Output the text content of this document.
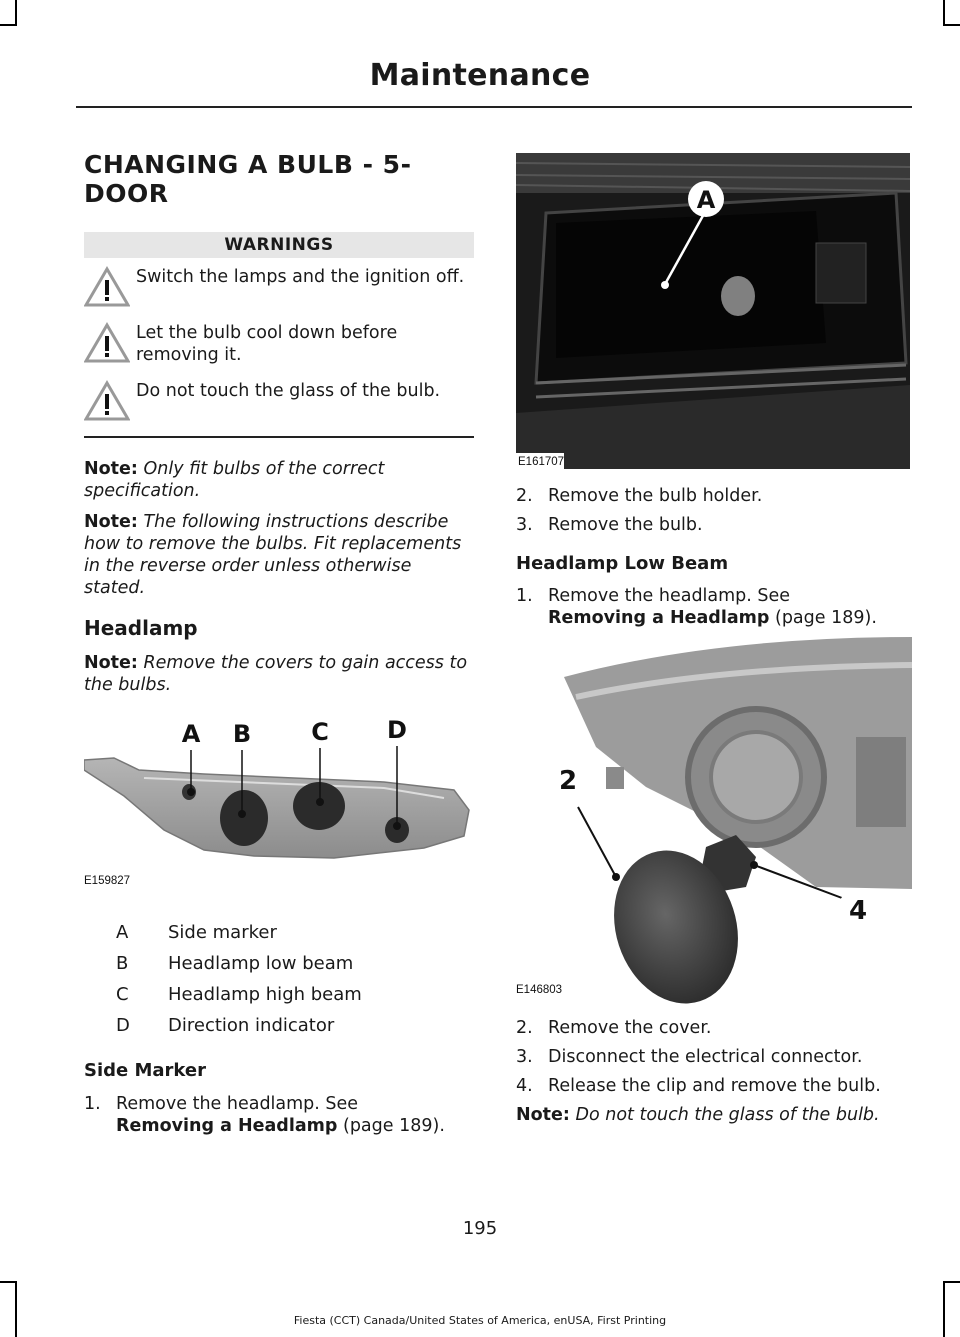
Maintenance
CHANGING A BULB - 5-DOOR
WARNINGS
Switch the lamps and the ignition off.
Let the bulb cool down before removing it.
Do not touch the glass of the bulb.

Note: Only fit bulbs of the correct specification.

Note: The following instructions describe how to remove the bulbs. Fit replacements in the reverse order unless otherwise stated.

Headlamp

Note: Remove the covers to gain access to the bulbs.

A B	C D
E159827
A	Side marker
B	Headlamp low beam
C	Headlamp high beam
D	Direction indicator
Side Marker
1. Remove the headlamp. See
Removing a Headlamp (page 189).
A
E161707
2. Remove the bulb holder.
3. Remove the bulb.
Headlamp Low Beam
1. Remove the headlamp. See
Removing a Headlamp (page 189).
2
4
E146803
2. Remove the cover.
3. Disconnect the electrical connector.
4. Release the clip and remove the bulb.

Note: Do not touch the glass of the bulb.

195
Fiesta (CCT) Canada/United States of America, enUSA, First Printing
